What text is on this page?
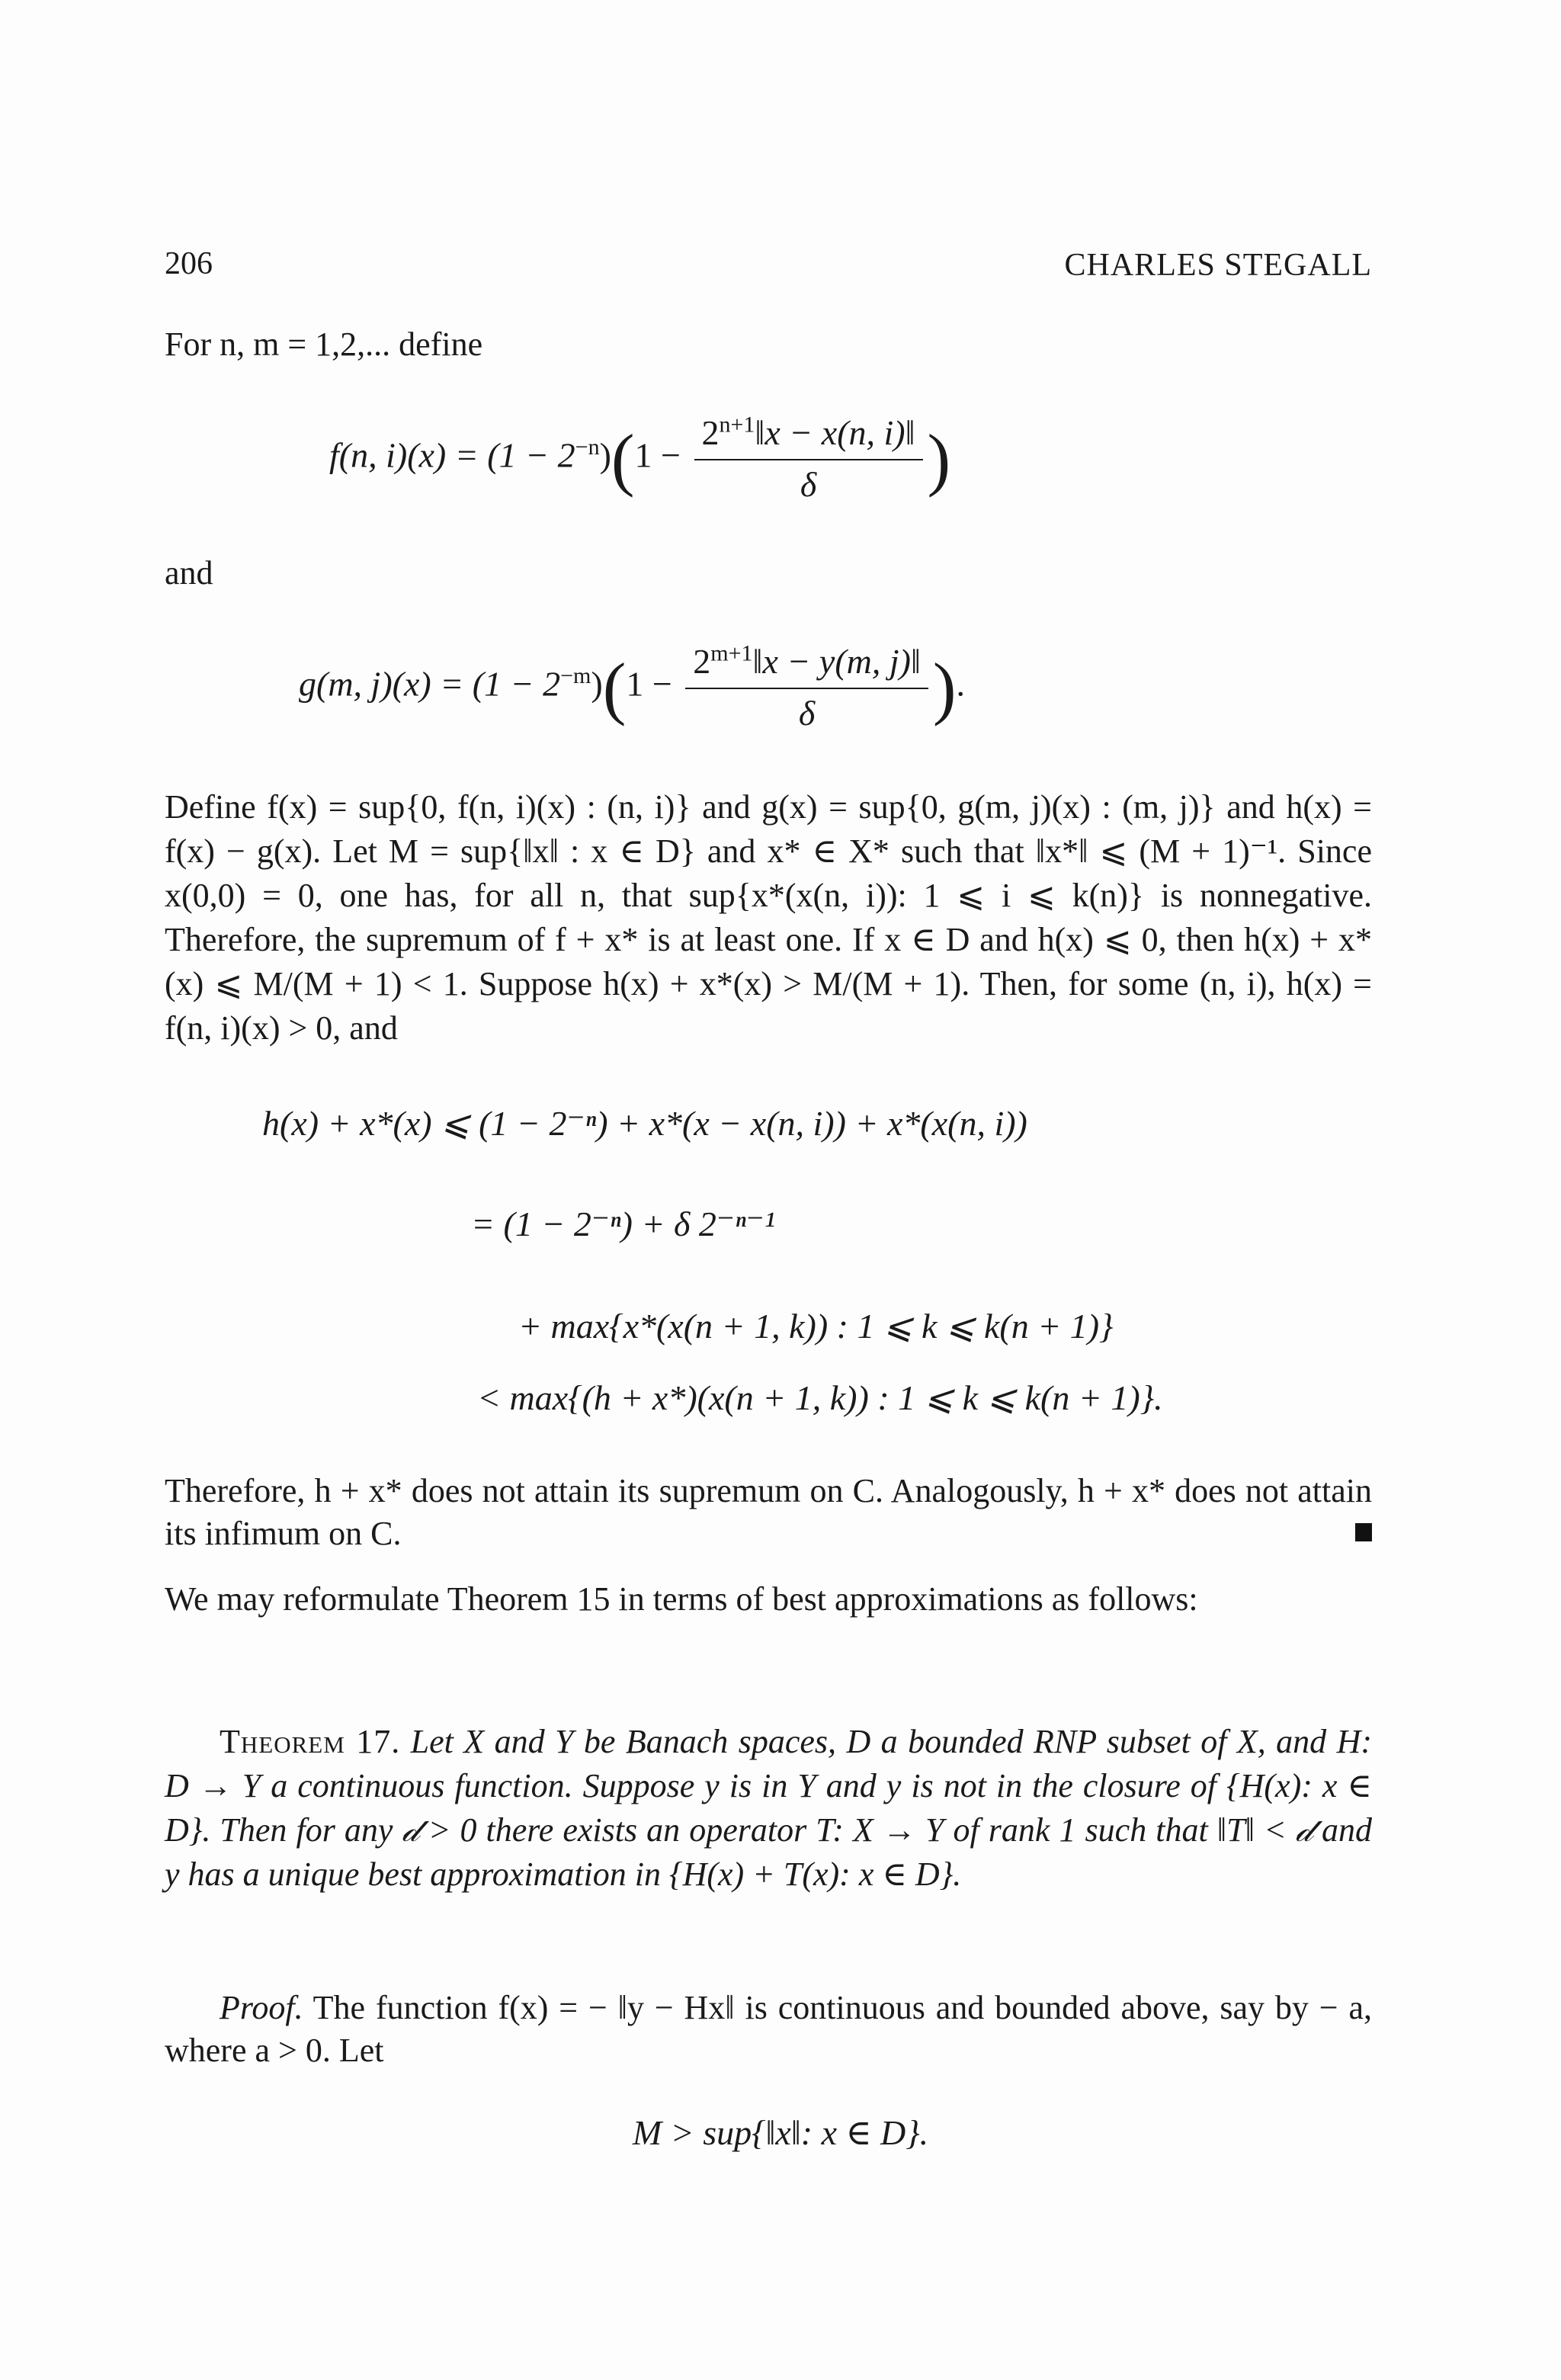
206	CHARLES STEGALL

For n, m = 1,2,... define

f(n, $i)(x) = (1 - 2^{-n})(1 - \frac{2^{n+1}‖x - x(n, i)‖}{\delta}$ )

and

g(m, $j)(x) = (1 - 2^{-m})(1 - \frac{2^{m+1}‖x - y(m, j)‖}{\delta}$ ).

Define f(x) = sup{0, f(n, i)(x) : (n, i)} and g(x) = sup{0, g(m, j)(x) : (m, j)} and h(x) = f(x) − g(x). Let M = sup{‖x‖ : x ∈ D} and x* ∈ X* such that ‖x*‖ ⩽ (M + 1)⁻¹. Since x(0,0) = 0, one has, for all n, that sup{x*(x(n, i)): 1 ⩽ i ⩽ k(n)} is nonnegative. Therefore, the supremum of f + x* is at least one. If x ∈ D and h(x) ⩽ 0, then h(x) + x*(x) ⩽ M/(M + 1) < 1. Suppose h(x) + x*(x) > M/(M + 1). Then, for some (n, i), h(x) = f(n, i)(x) > 0, and

h(x) + x*(x) ⩽ (1 − 2⁻ⁿ) + x*(x − x(n, i)) + x*(x(n, i))
= (1 − 2⁻ⁿ) + δ 2⁻ⁿ⁻¹
+ max{x*(x(n + 1, k)) : 1 ⩽ k ⩽ k(n + 1)}
< max{(h + x*)(x(n + 1, k)) : 1 ⩽ k ⩽ k(n + 1)}.

Therefore, h + x* does not attain its supremum on C. Analogously, h + x* does not attain its infimum on C.

We may reformulate Theorem 15 in terms of best approximations as follows:

Theorem 17. Let X and Y be Banach spaces, D a bounded RNP subset of X, and H: D → Y a continuous function. Suppose y is in Y and y is not in the closure of {H(x): x ∈ D}. Then for any 𝒹 > 0 there exists an operator T: X → Y of rank 1 such that ‖T‖ < 𝒹 and y has a unique best approximation in {H(x) + T(x): x ∈ D}.

Proof. The function f(x) = − ‖y − Hx‖ is continuous and bounded above, say by − a, where a > 0. Let

M > sup{‖x‖: x ∈ D}.
